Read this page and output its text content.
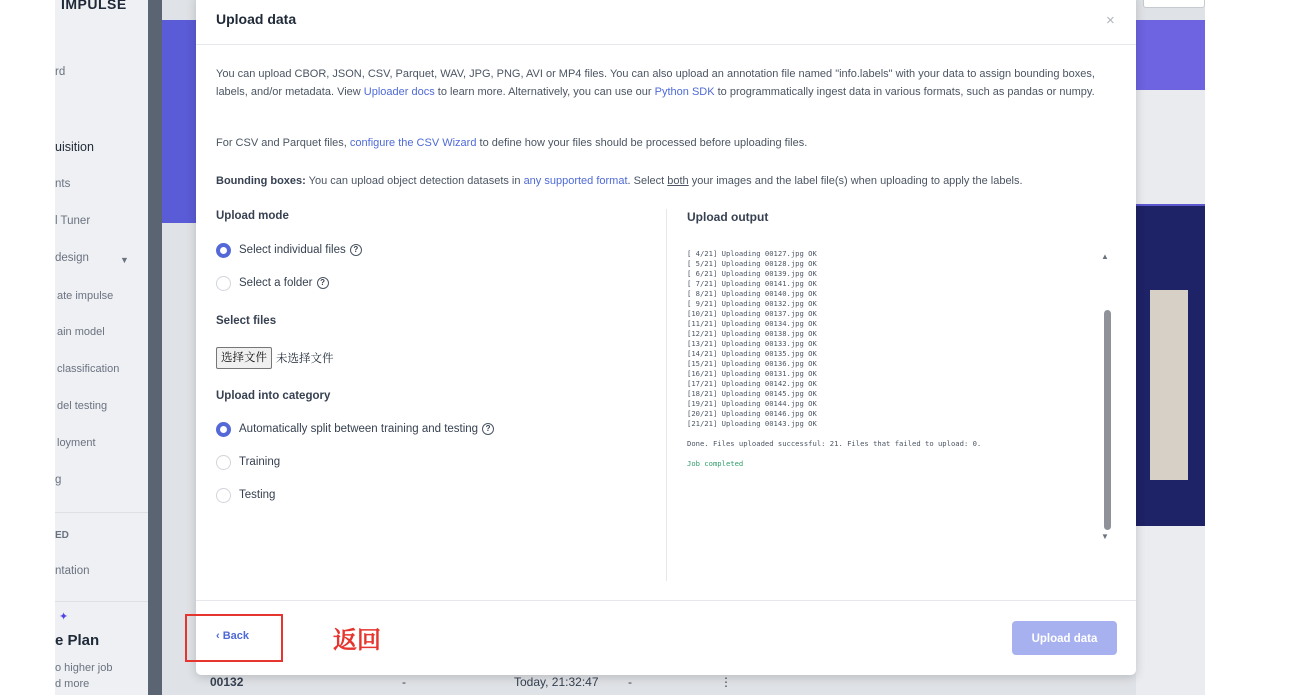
IMPULSE
rd
uisition
nts
l Tuner
design	▼
ate impulse
ain model
classification
del testing
loyment
g
ED
ntation
✦
e Plan
o higher job
d more	00132	-	Today, 21:32:47 -	⋮
Upload data	×
You can upload CBOR, JSON, CSV, Parquet, WAV, JPG, PNG, AVI or MP4 files. You can also upload an annotation file named "info.labels" with your data to assign bounding boxes, labels, and/or metadata. View Uploader docs to learn more. Alternatively, you can use our Python SDK to programmatically ingest data in various formats, such as pandas or numpy.
For CSV and Parquet files, configure the CSV Wizard to define how your files should be processed before uploading files.
Bounding boxes: You can upload object detection datasets in any supported format. Select both your images and the label file(s) when uploading to apply the labels.
Upload mode
Select individual files ?
Select a folder ?
Select files
选择文件 未选择文件
Upload into category
Automatically split between training and testing ?
Training
Testing
Upload output
[ 4/21] Uploading 00127.jpg OK
[ 5/21] Uploading 00128.jpg OK
[ 6/21] Uploading 00139.jpg OK
[ 7/21] Uploading 00141.jpg OK
[ 8/21] Uploading 00140.jpg OK
[ 9/21] Uploading 00132.jpg OK
[10/21] Uploading 00137.jpg OK
[11/21] Uploading 00134.jpg OK
[12/21] Uploading 00138.jpg OK
[13/21] Uploading 00133.jpg OK
[14/21] Uploading 00135.jpg OK
[15/21] Uploading 00136.jpg OK
[16/21] Uploading 00131.jpg OK
[17/21] Uploading 00142.jpg OK
[18/21] Uploading 00145.jpg OK
[19/21] Uploading 00144.jpg OK
[20/21] Uploading 00146.jpg OK
[21/21] Uploading 00143.jpg OK

Done. Files uploaded successful: 21. Files that failed to upload: 0.

Job completed
▲
▼
‹ Back	Upload data
返回
